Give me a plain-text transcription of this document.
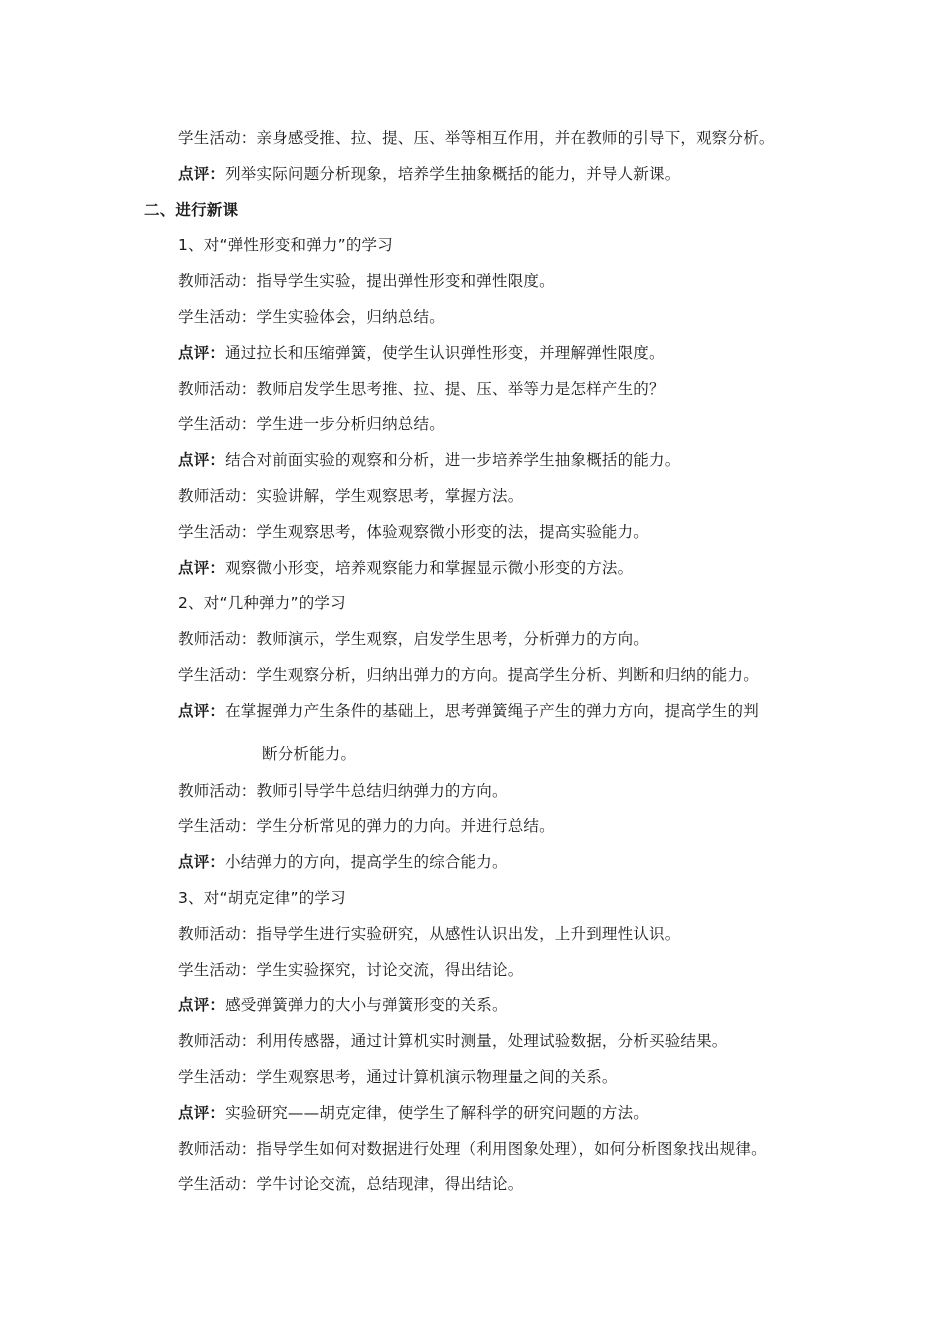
学生活动：亲身感受推、拉、提、压、举等相互作用，并在教师的引导下，观察分析。
点评：列举实际问题分析现象，培养学生抽象概括的能力，并导人新课。
二、进行新课
1、对“弹性形变和弹力”的学习
教师活动：指导学生实验，提出弹性形变和弹性限度。
学生活动：学生实验体会，归纳总结。
点评：通过拉长和压缩弹簧，使学生认识弹性形变，并理解弹性限度。
教师活动：教师启发学生思考推、拉、提、压、举等力是怎样产生的？
学生活动：学生进一步分析归纳总结。
点评：结合对前面实验的观察和分析，进一步培养学生抽象概括的能力。
教师活动：实验讲解，学生观察思考，掌握方法。
学生活动：学生观察思考，体验观察微小形变的法，提高实验能力。
点评：观察微小形变，培养观察能力和掌握显示微小形变的方法。
2、对“几种弹力”的学习
教师活动：教师演示，学生观察，启发学生思考，分析弹力的方向。
学生活动：学生观察分析，归纳出弹力的方向。提高学生分析、判断和归纳的能力。
点评：在掌握弹力产生条件的基础上，思考弹簧绳子产生的弹力方向，提高学生的判
断分析能力。
教师活动：教师引导学牛总结归纳弹力的方向。
学生活动：学生分析常见的弹力的力向。并进行总结。
点评：小结弹力的方向，提高学生的综合能力。
3、对“胡克定律”的学习
教师活动：指导学生进行实验研究，从感性认识出发，上升到理性认识。
学生活动：学生实验探究，讨论交流，得出结论。
点评：感受弹簧弹力的大小与弹簧形变的关系。
教师活动：利用传感器，通过计算机实时测量，处理试验数据，分析买验结果。
学生活动：学生观察思考，通过计算机演示物理量之间的关系。
点评：实验研究——胡克定律，使学生了解科学的研究问题的方法。
教师活动：指导学生如何对数据进行处理（利用图象处理），如何分析图象找出规律。
学生活动：学牛讨论交流，总结现津，得出结论。
